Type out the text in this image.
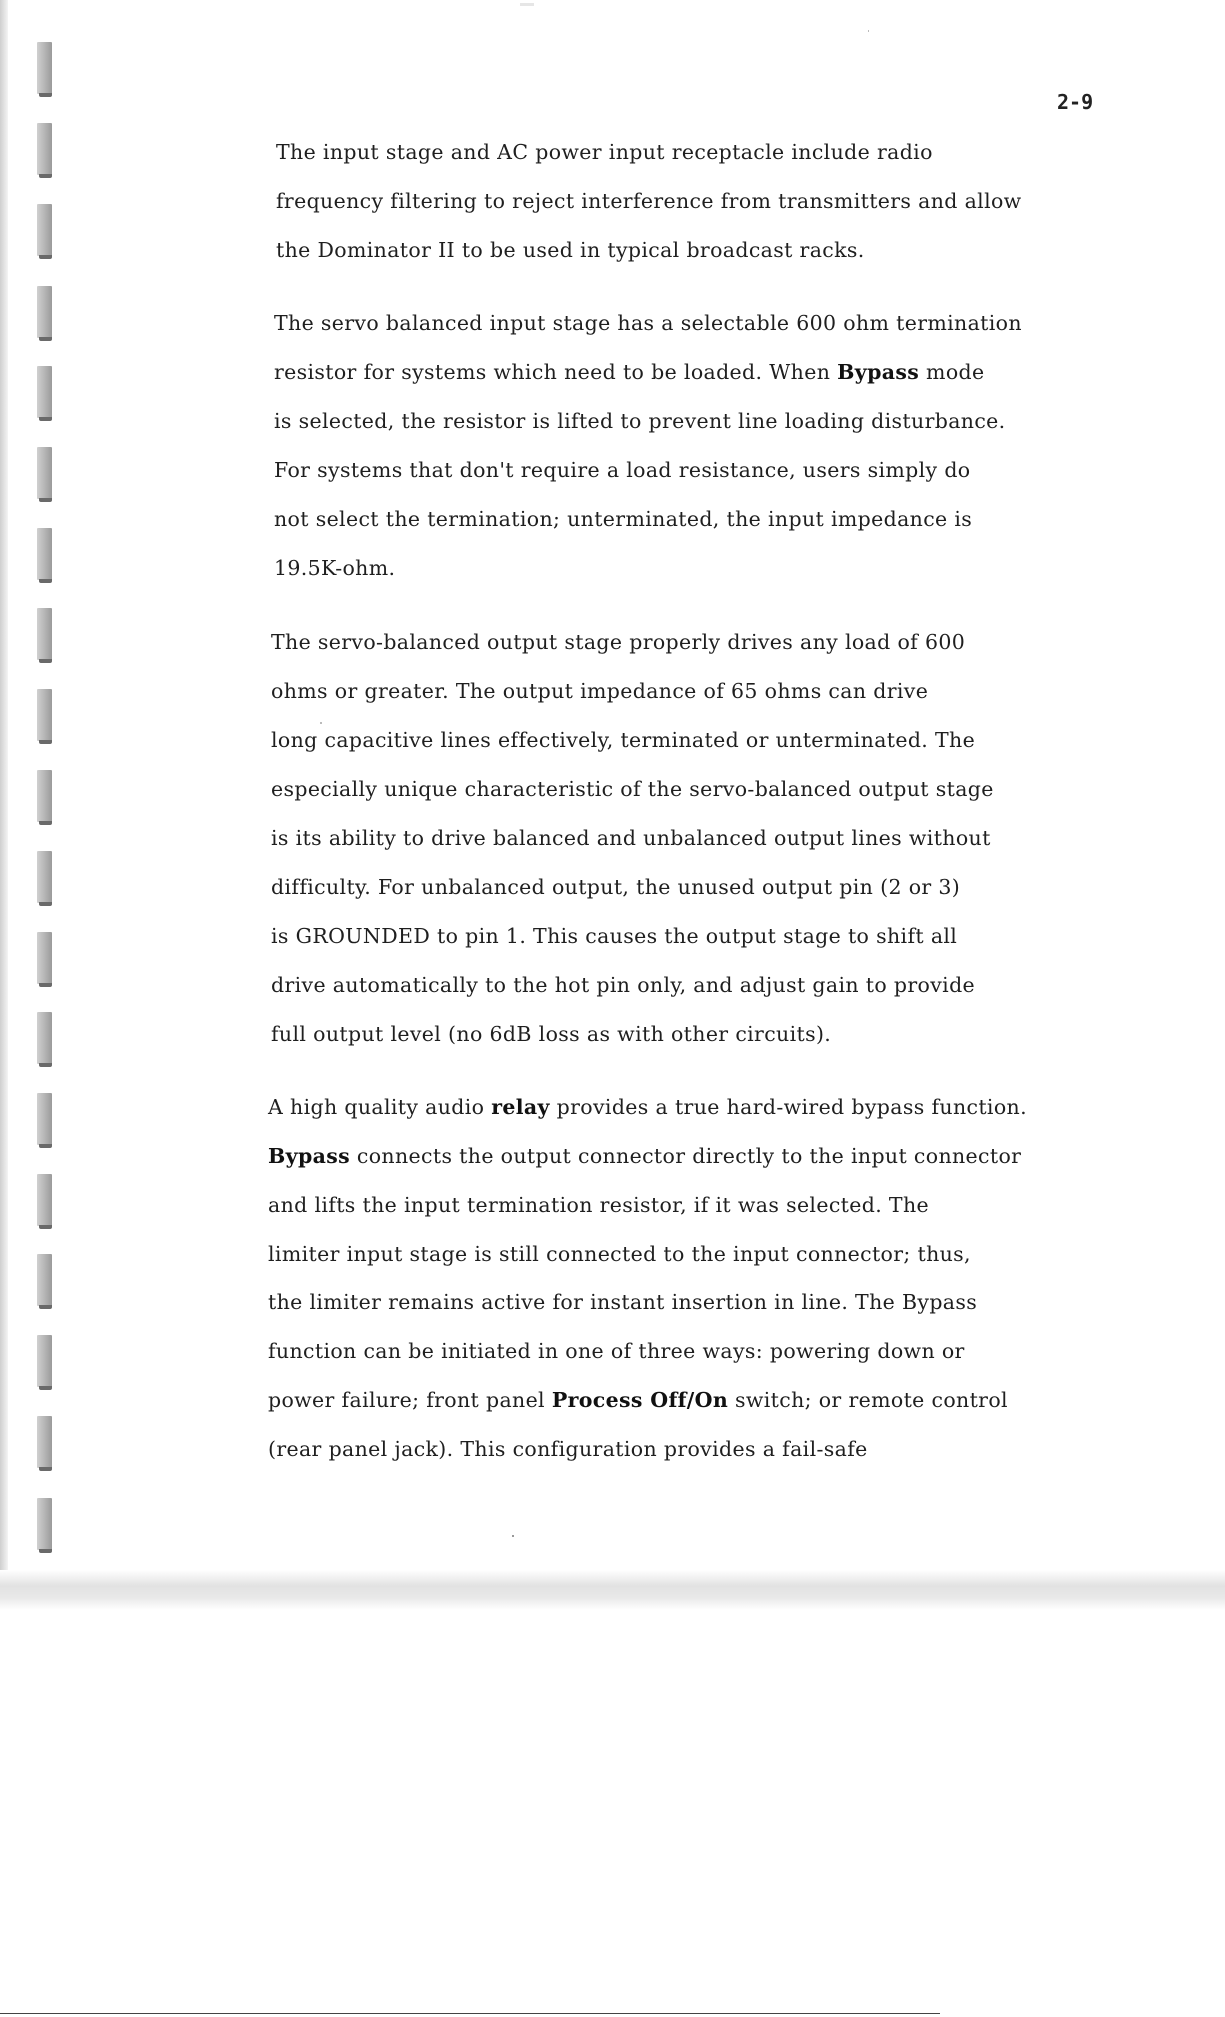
2-9

The input stage and AC power input receptacle include radio

frequency filtering to reject interference from transmitters and allow

the Dominator II to be used in typical broadcast racks.

The servo balanced input stage has a selectable 600 ohm termination

resistor for systems which need to be loaded. When Bypass mode

is selected, the resistor is lifted to prevent line loading disturbance.

For systems that don't require a load resistance, users simply do

not select the termination; unterminated, the input impedance is

19.5K-ohm.

The servo-balanced output stage properly drives any load of 600

ohms or greater. The output impedance of 65 ohms can drive

long capacitive lines effectively, terminated or unterminated. The

especially unique characteristic of the servo-balanced output stage

is its ability to drive balanced and unbalanced output lines without

difficulty. For unbalanced output, the unused output pin (2 or 3)

is GROUNDED to pin 1. This causes the output stage to shift all

drive automatically to the hot pin only, and adjust gain to provide

full output level (no 6dB loss as with other circuits).

A high quality audio relay provides a true hard-wired bypass function.

Bypass connects the output connector directly to the input connector

and lifts the input termination resistor, if it was selected. The

limiter input stage is still connected to the input connector; thus,

the limiter remains active for instant insertion in line. The Bypass

function can be initiated in one of three ways: powering down or

power failure; front panel Process Off/On switch; or remote control

(rear panel jack). This configuration provides a fail-safe
